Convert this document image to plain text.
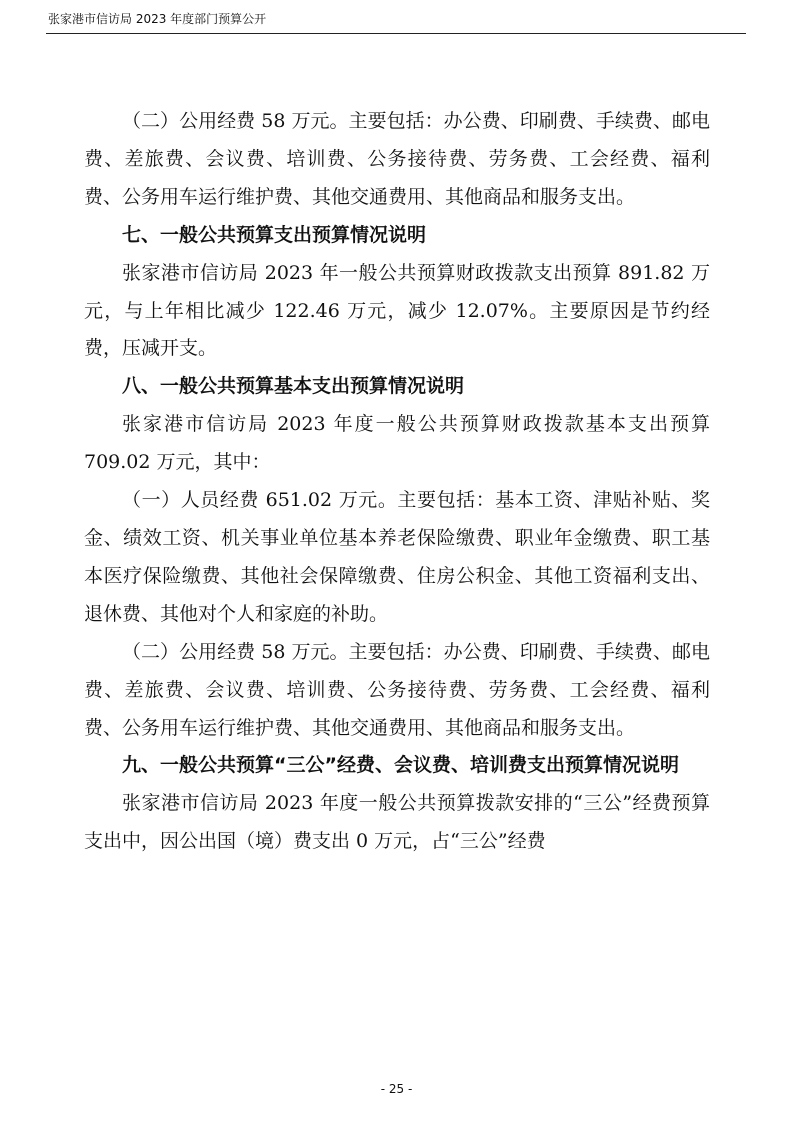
张家港市信访局 2023 年度部门预算公开

（二）公用经费 58 万元。主要包括：办公费、印刷费、手续费、邮电费、差旅费、会议费、培训费、公务接待费、劳务费、工会经费、福利费、公务用车运行维护费、其他交通费用、其他商品和服务支出。

七、一般公共预算支出预算情况说明

张家港市信访局 2023 年一般公共预算财政拨款支出预算 891.82 万元，与上年相比减少 122.46 万元，减少 12.07%。主要原因是节约经费，压减开支。

八、一般公共预算基本支出预算情况说明

张家港市信访局 2023 年度一般公共预算财政拨款基本支出预算 709.02 万元，其中：

（一）人员经费 651.02 万元。主要包括：基本工资、津贴补贴、奖金、绩效工资、机关事业单位基本养老保险缴费、职业年金缴费、职工基本医疗保险缴费、其他社会保障缴费、住房公积金、其他工资福利支出、退休费、其他对个人和家庭的补助。

（二）公用经费 58 万元。主要包括：办公费、印刷费、手续费、邮电费、差旅费、会议费、培训费、公务接待费、劳务费、工会经费、福利费、公务用车运行维护费、其他交通费用、其他商品和服务支出。

九、一般公共预算“三公”经费、会议费、培训费支出预算情况说明

张家港市信访局 2023 年度一般公共预算拨款安排的“三公”经费预算支出中，因公出国（境）费支出 0 万元，占“三公”经费

- 25 -
